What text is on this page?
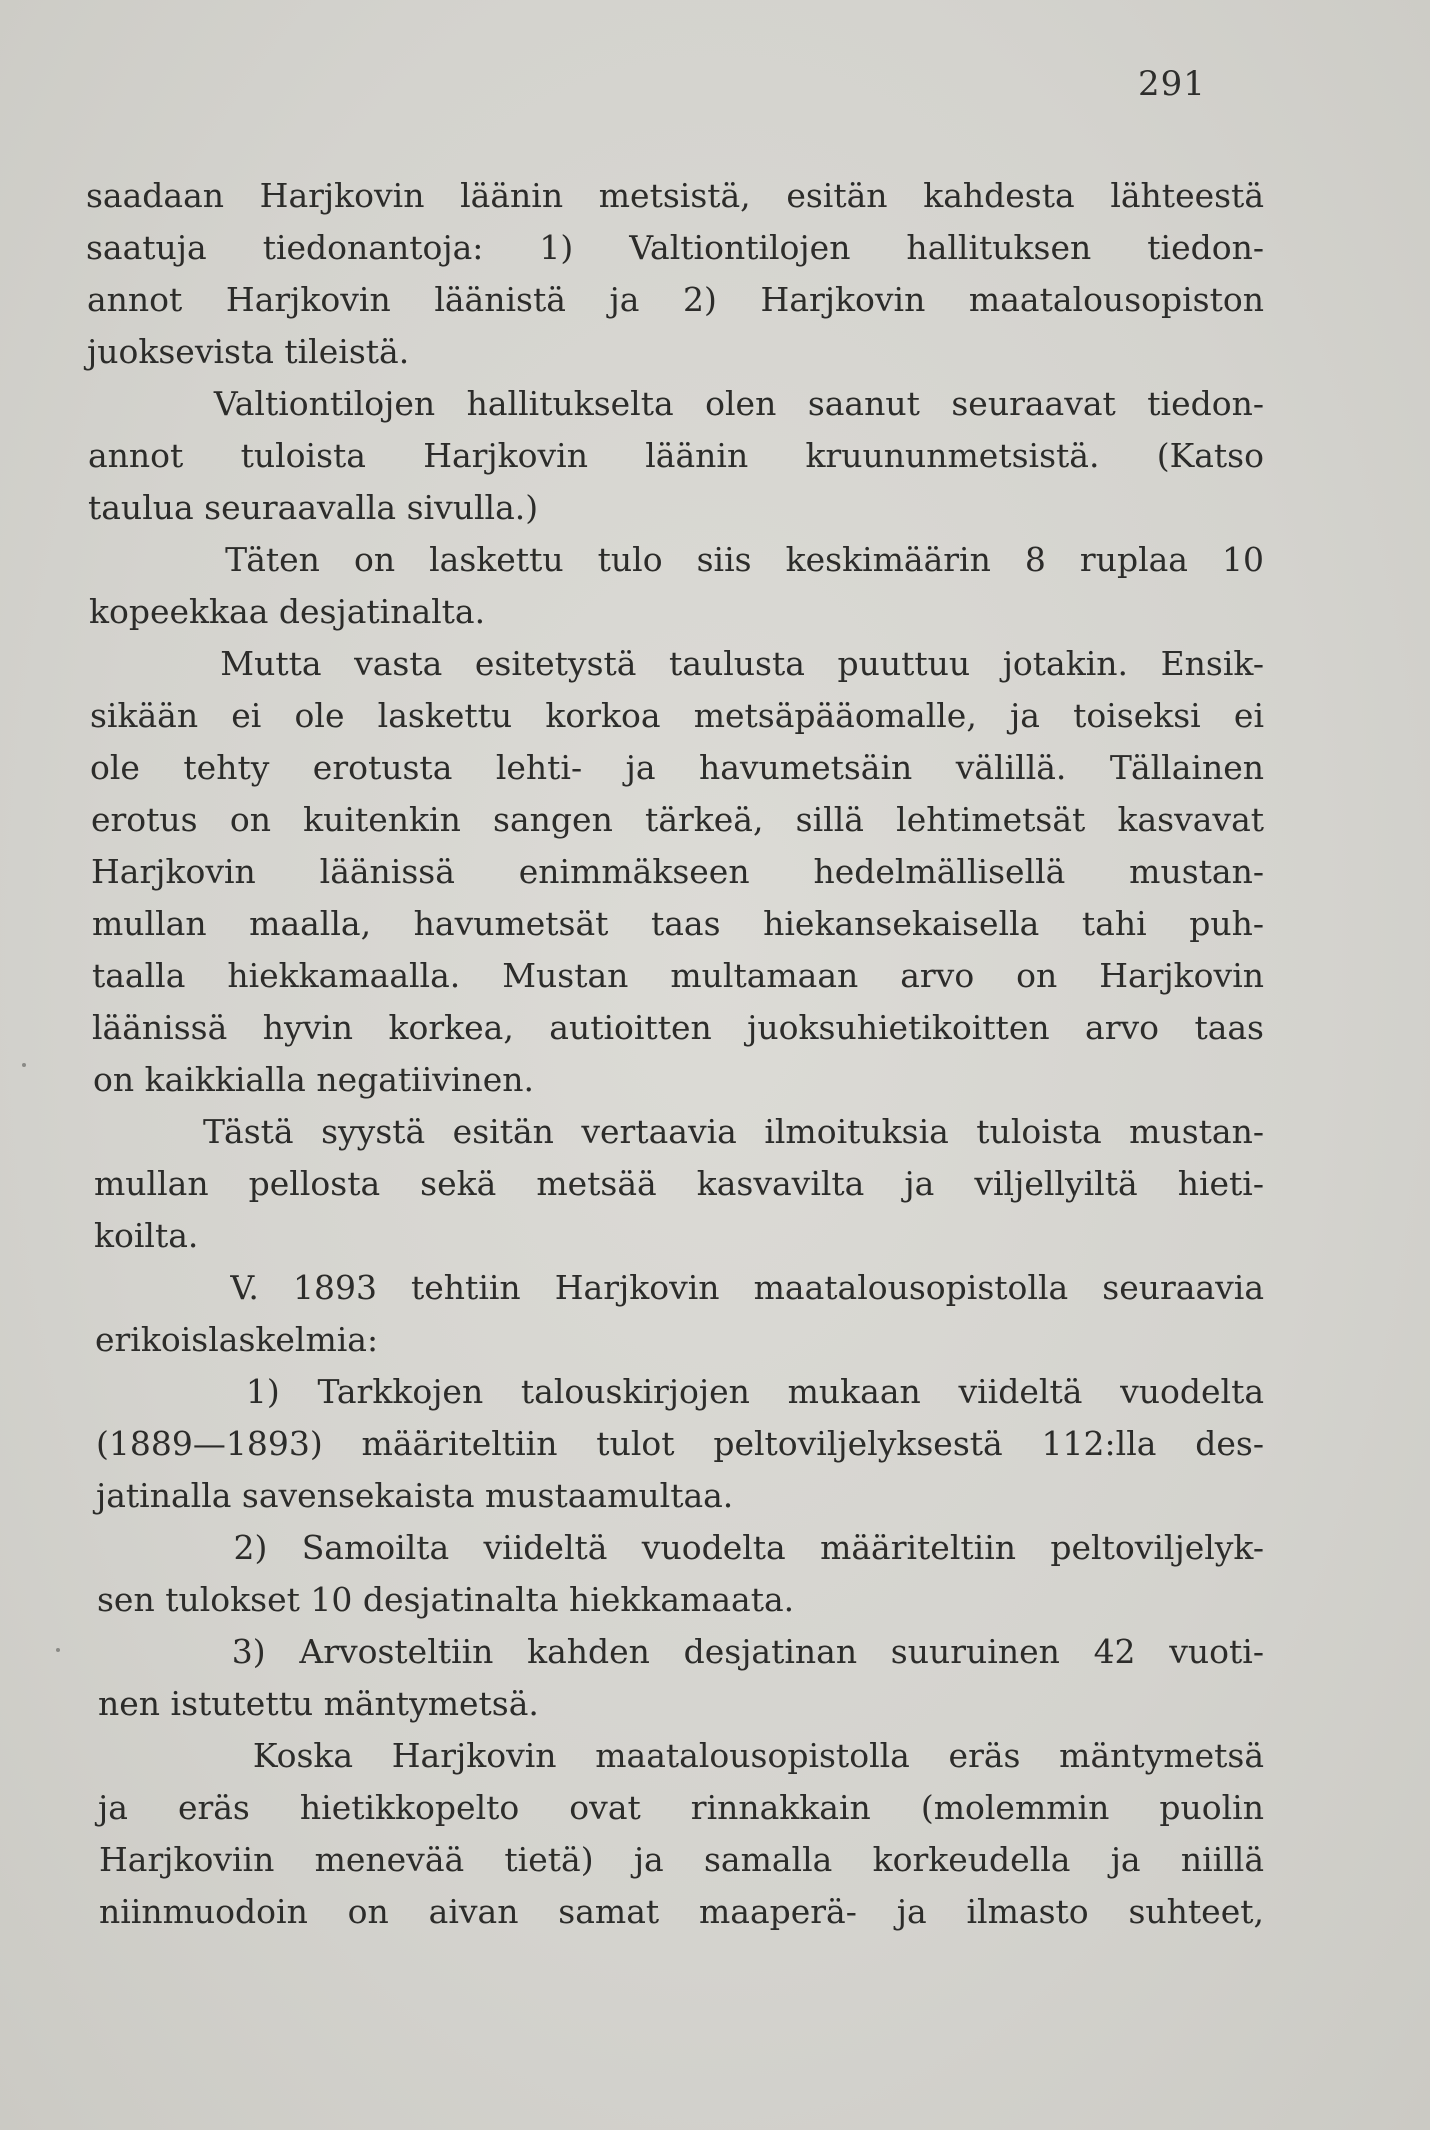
291
saadaan Harjkovin läänin metsistä, esitän kahdesta lähteestä
saatuja tiedonantoja: 1) Valtiontilojen hallituksen tiedon-
annot Harjkovin läänistä ja 2) Harjkovin maatalousopiston
juoksevista tileistä.
Valtiontilojen hallitukselta olen saanut seuraavat tiedon-
annot tuloista Harjkovin läänin kruununmetsistä. (Katso
taulua seuraavalla sivulla.)
Täten on laskettu tulo siis keskimäärin 8 ruplaa 10
kopeekkaa desjatinalta.
Mutta vasta esitetystä taulusta puuttuu jotakin. Ensik-
sikään ei ole laskettu korkoa metsäpääomalle, ja toiseksi ei
ole tehty erotusta lehti- ja havumetsäin välillä. Tällainen
erotus on kuitenkin sangen tärkeä, sillä lehtimetsät kasvavat
Harjkovin läänissä enimmäkseen hedelmällisellä mustan-
mullan maalla, havumetsät taas hiekansekaisella tahi puh-
taalla hiekkamaalla. Mustan multamaan arvo on Harjkovin
läänissä hyvin korkea, autioitten juoksuhietikoitten arvo taas
on kaikkialla negatiivinen.
Tästä syystä esitän vertaavia ilmoituksia tuloista mustan-
mullan pellosta sekä metsää kasvavilta ja viljellyiltä hieti-
koilta.
V. 1893 tehtiin Harjkovin maatalousopistolla seuraavia
erikoislaskelmia:
1) Tarkkojen talouskirjojen mukaan viideltä vuodelta
(1889—1893) määriteltiin tulot peltoviljelyksestä 112:lla des-
jatinalla savensekaista mustaamultaa.
2) Samoilta viideltä vuodelta määriteltiin peltoviljelyk-
sen tulokset 10 desjatinalta hiekkamaata.
3) Arvosteltiin kahden desjatinan suuruinen 42 vuoti-
nen istutettu mäntymetsä.
Koska Harjkovin maatalousopistolla eräs mäntymetsä
ja eräs hietikkopelto ovat rinnakkain (molemmin puolin
Harjkoviin menevää tietä) ja samalla korkeudella ja niillä
niinmuodoin on aivan samat maaperä- ja ilmasto suhteet,
